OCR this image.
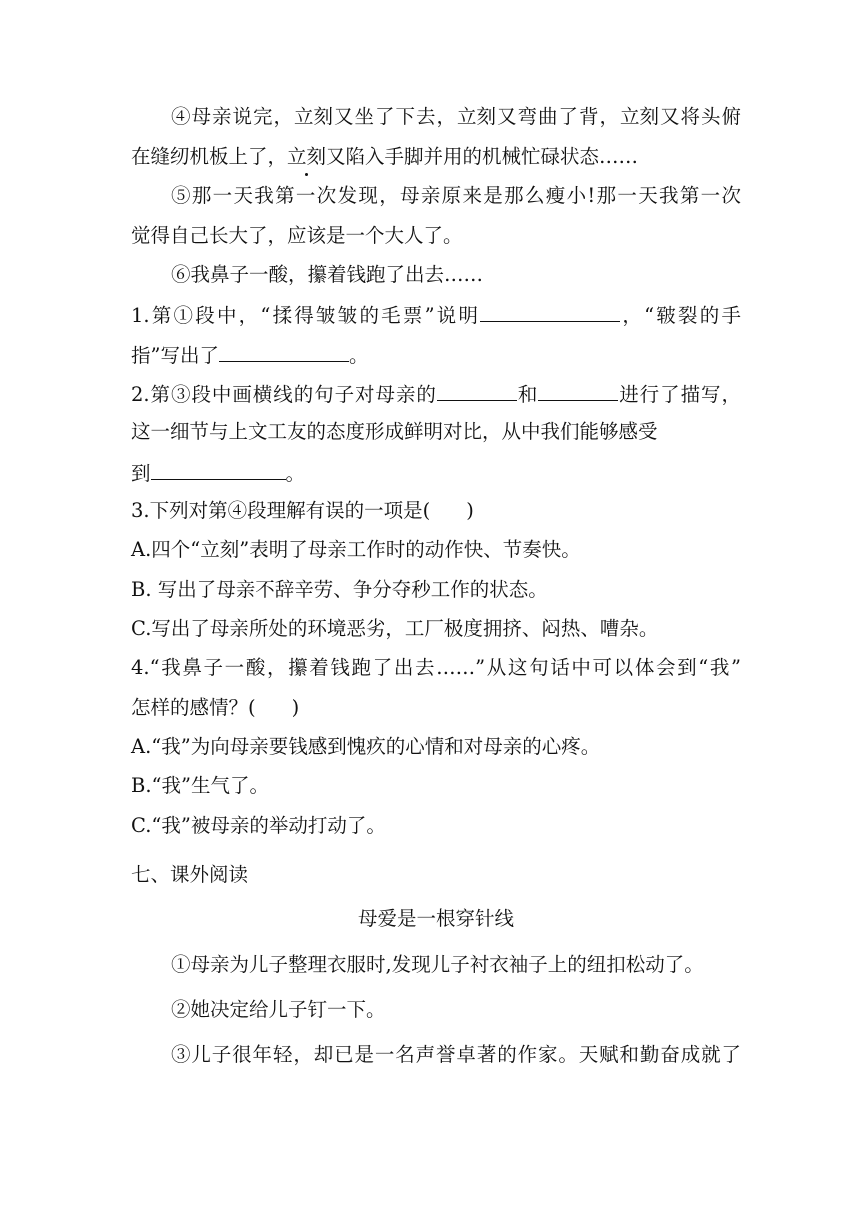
④母亲说完，立刻又坐了下去，立刻又弯曲了背，立刻又将头俯
在缝纫机板上了，立刻又陷入手脚并用的机械忙碌状态……
⑤那一天我第一次发现，母亲原来是那么瘦小!那一天我第一次
觉得自己长大了，应该是一个大人了。
⑥我鼻子一酸，攥着钱跑了出去……
1.第①段中，“揉得皱皱的毛票”说明	，“皲裂的手
指”写出了	。
2.第③段中画横线的句子对母亲的	和	进行了描写，
这一细节与上文工友的态度形成鲜明对比，从中我们能够感受
到	。
3.下列对第④段理解有误的一项是( )
A.四个“立刻”表明了母亲工作时的动作快、节奏快。
B. 写出了母亲不辞辛劳、争分夺秒工作的状态。
C.写出了母亲所处的环境恶劣，工厂极度拥挤、闷热、嘈杂。
4.“我鼻子一酸，攥着钱跑了出去……”从这句话中可以体会到“我”
怎样的感情？( )
A.“我”为向母亲要钱感到愧疚的心情和对母亲的心疼。
B.“我”生气了。
C.“我”被母亲的举动打动了。
七、课外阅读
母爱是一根穿针线
①母亲为儿子整理衣服时,发现儿子衬衣袖子上的纽扣松动了。
②她决定给儿子钉一下。
③儿子很年轻，却已是一名声誉卓著的作家。天赋和勤奋成就了
